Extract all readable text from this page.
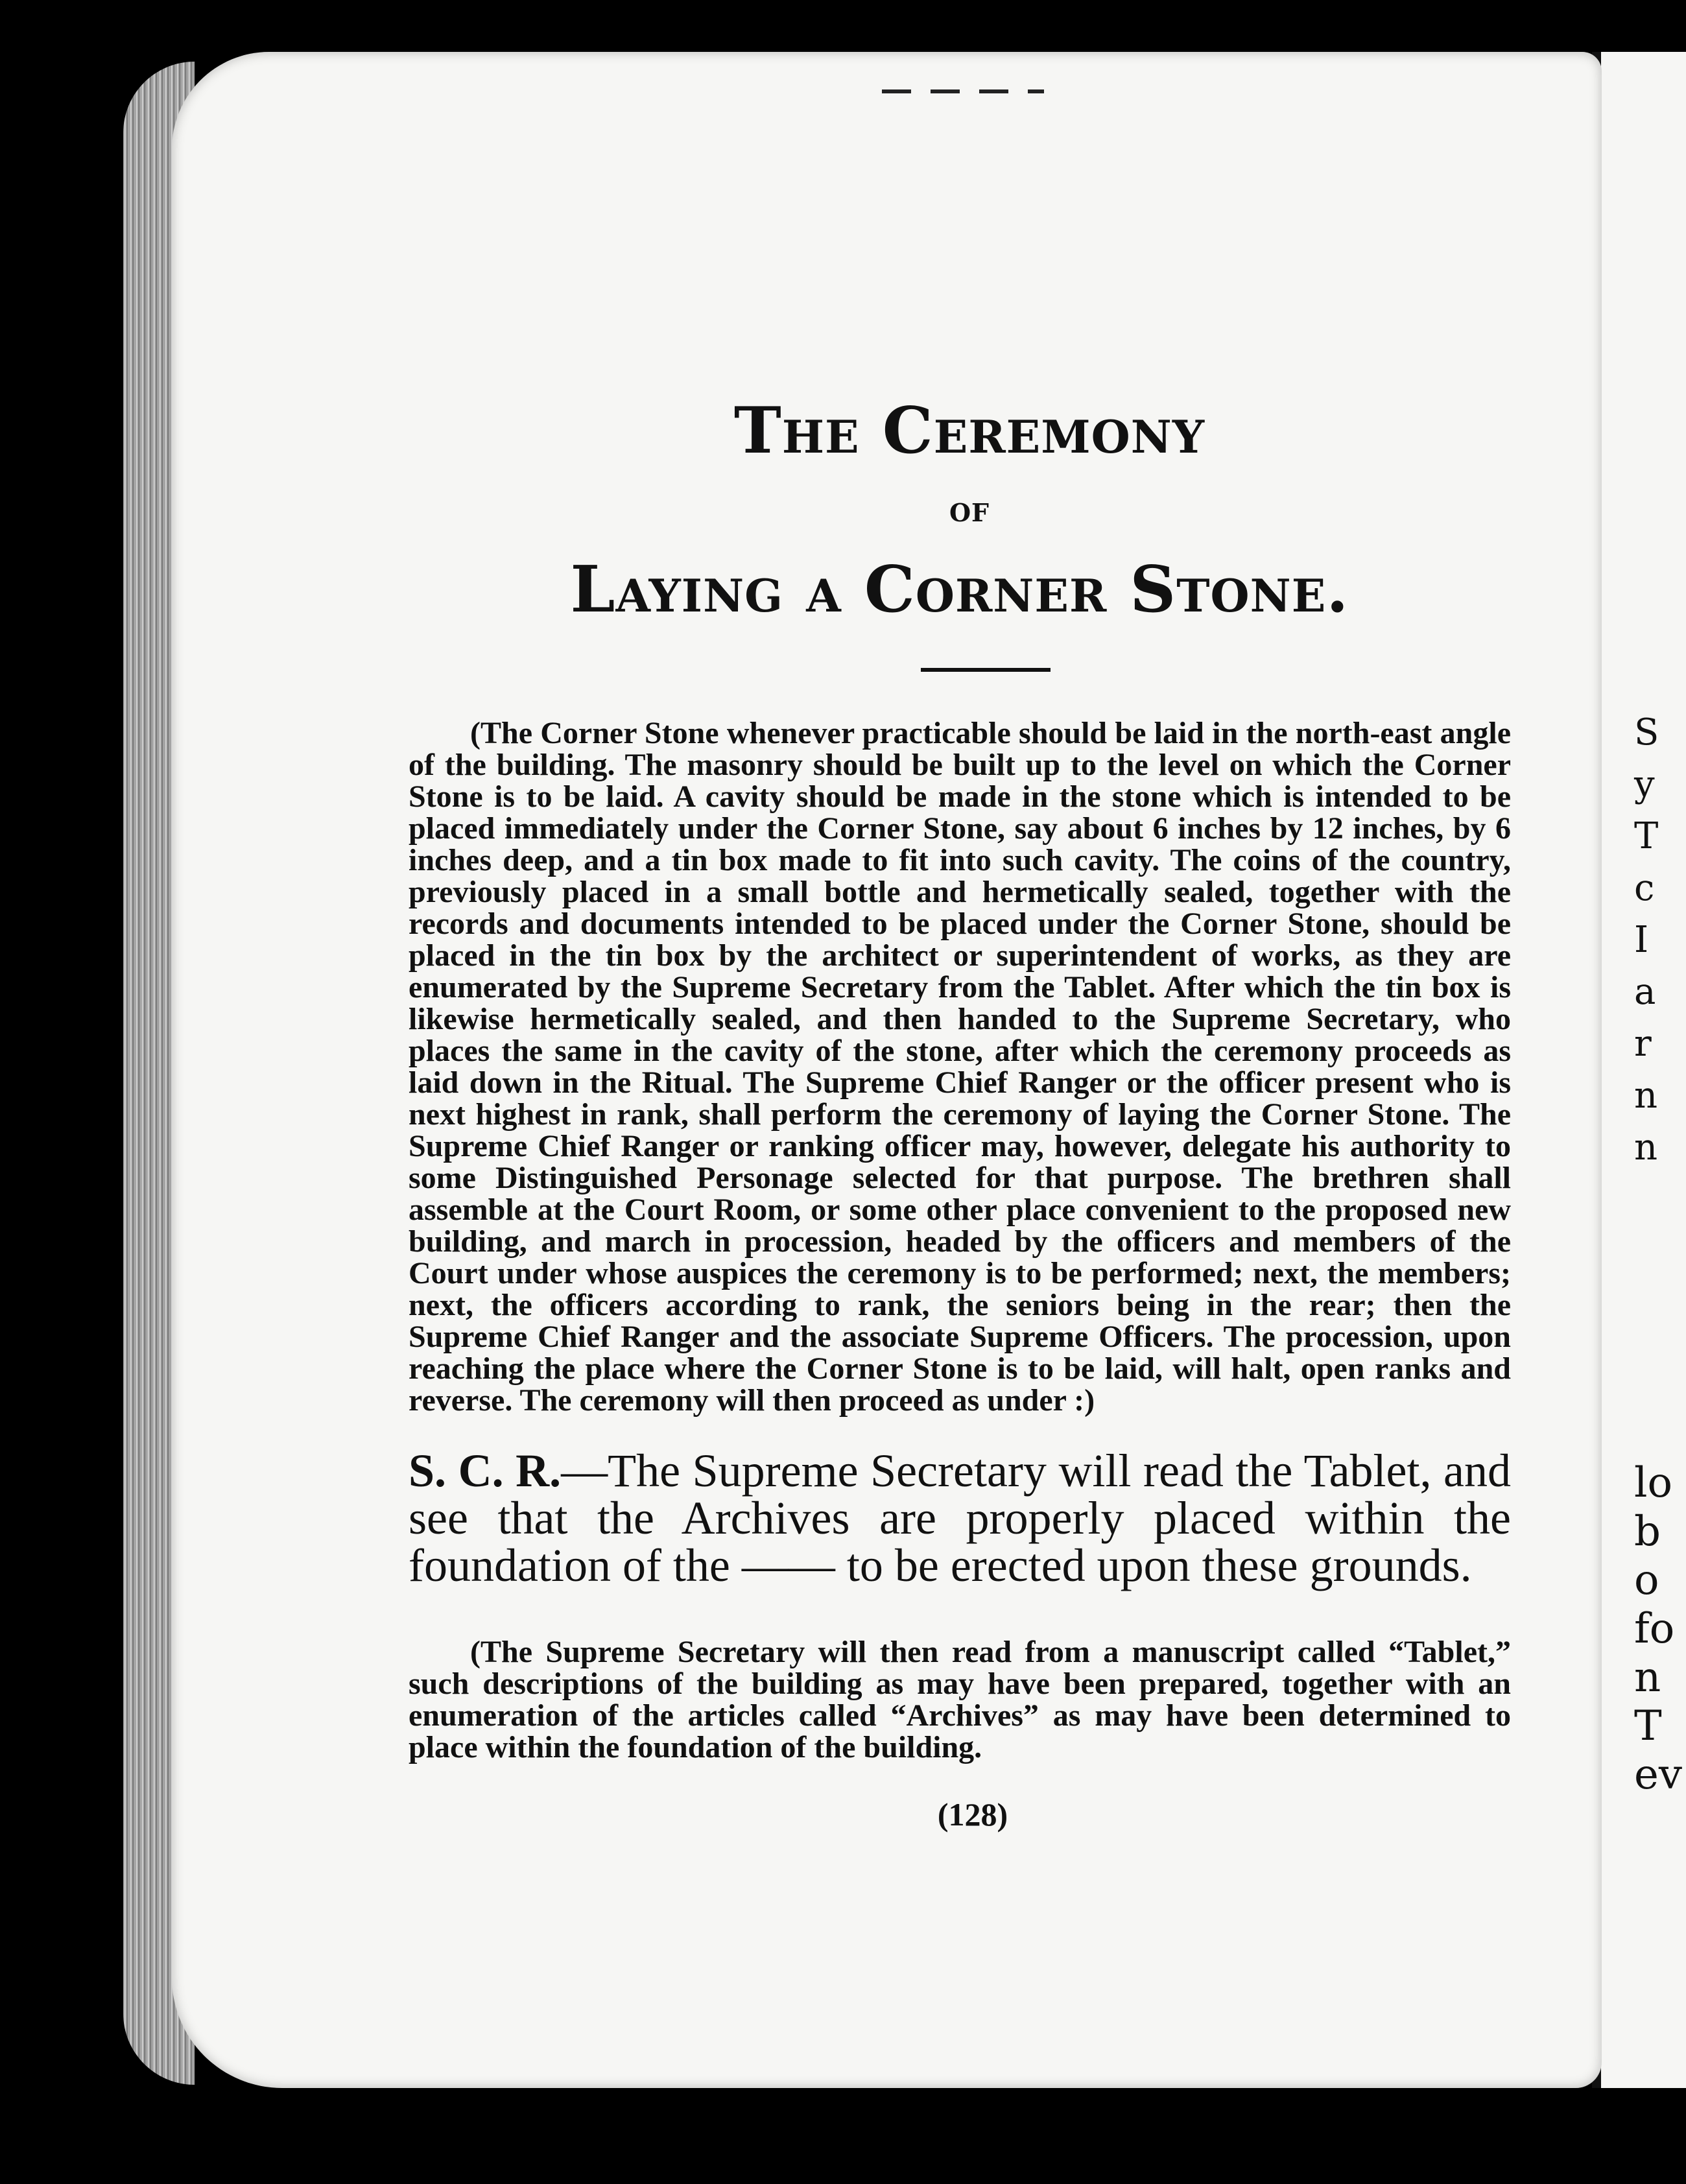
S
y
T
c
I
a
r
n
n
lo
b
o
fo
n
T
ev
The Ceremony
of
Laying a Corner Stone.

(The Corner Stone whenever practicable should be laid in the north-east angle of the building. The masonry should be built up to the level on which the Corner Stone is to be laid. A cavity should be made in the stone which is intended to be placed immediately under the Corner Stone, say about 6 inches by 12 inches, by 6 inches deep, and a tin box made to fit into such cavity. The coins of the country, previously placed in a small bottle and hermetically sealed, together with the records and documents intended to be placed under the Corner Stone, should be placed in the tin box by the architect or superintendent of works, as they are enumerated by the Supreme Secretary from the Tablet. After which the tin box is likewise hermetically sealed, and then handed to the Supreme Secretary, who places the same in the cavity of the stone, after which the ceremony proceeds as laid down in the Ritual. The Supreme Chief Ranger or the officer present who is next highest in rank, shall perform the ceremony of laying the Corner Stone. The Supreme Chief Ranger or ranking officer may, however, delegate his authority to some Distinguished Personage selected for that purpose. The brethren shall assemble at the Court Room, or some other place convenient to the proposed new building, and march in procession, headed by the officers and members of the Court under whose auspices the ceremony is to be performed; next, the members; next, the officers according to rank, the seniors being in the rear; then the Supreme Chief Ranger and the associate Supreme Officers. The procession, upon reaching the place where the Corner Stone is to be laid, will halt, open ranks and reverse. The ceremony will then proceed as under :)

S. C. R.—The Supreme Secretary will read the Tablet, and see that the Archives are properly placed within the foundation of the —— to be erected upon these grounds.

(The Supreme Secretary will then read from a manuscript called “Tablet,” such descriptions of the building as may have been prepared, together with an enumeration of the articles called “Archives” as may have been determined to place within the foundation of the building.

(128)
